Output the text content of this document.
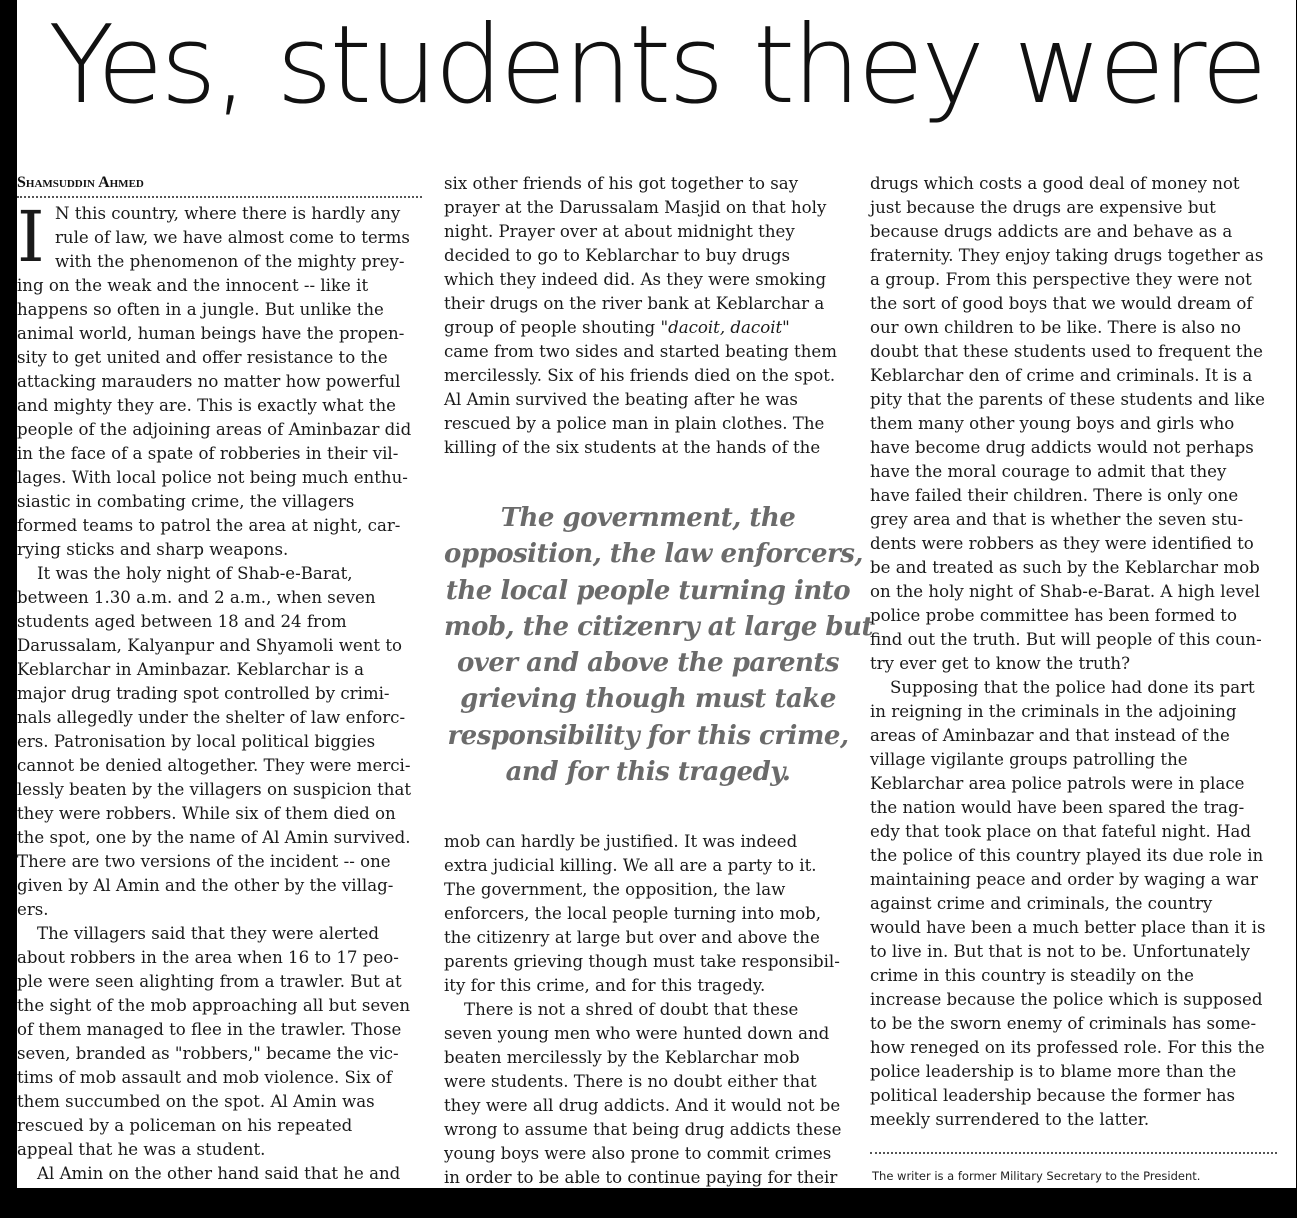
Yes, students they were
Shamsuddin Ahmed
I N this country, where there is hardly any
rule of law, we have almost come to terms
with the phenomenon of the mighty prey-
ing on the weak and the innocent -- like it
happens so often in a jungle. But unlike the
animal world, human beings have the propen-
sity to get united and offer resistance to the
attacking marauders no matter how powerful
and mighty they are. This is exactly what the
people of the adjoining areas of Aminbazar did
in the face of a spate of robberies in their vil-
lages. With local police not being much enthu-
siastic in combating crime, the villagers
formed teams to patrol the area at night, car-
rying sticks and sharp weapons.
It was the holy night of Shab-e-Barat,
between 1.30 a.m. and 2 a.m., when seven
students aged between 18 and 24 from
Darussalam, Kalyanpur and Shyamoli went to
Keblarchar in Aminbazar. Keblarchar is a
major drug trading spot controlled by crimi-
nals allegedly under the shelter of law enforc-
ers. Patronisation by local political biggies
cannot be denied altogether. They were merci-
lessly beaten by the villagers on suspicion that
they were robbers. While six of them died on
the spot, one by the name of Al Amin survived.
There are two versions of the incident -- one
given by Al Amin and the other by the villag-
ers.
The villagers said that they were alerted
about robbers in the area when 16 to 17 peo-
ple were seen alighting from a trawler. But at
the sight of the mob approaching all but seven
of them managed to flee in the trawler. Those
seven, branded as "robbers," became the vic-
tims of mob assault and mob violence. Six of
them succumbed on the spot. Al Amin was
rescued by a policeman on his repeated
appeal that he was a student.
Al Amin on the other hand said that he and
six other friends of his got together to say
prayer at the Darussalam Masjid on that holy
night. Prayer over at about midnight they
decided to go to Keblarchar to buy drugs
which they indeed did. As they were smoking
their drugs on the river bank at Keblarchar a
group of people shouting "dacoit, dacoit"
came from two sides and started beating them
mercilessly. Six of his friends died on the spot.
Al Amin survived the beating after he was
rescued by a police man in plain clothes. The
killing of the six students at the hands of the
The government, the
opposition, the law enforcers,
the local people turning into
mob, the citizenry at large but
over and above the parents
grieving though must take
responsibility for this crime,
and for this tragedy.
mob can hardly be justified. It was indeed
extra judicial killing. We all are a party to it.
The government, the opposition, the law
enforcers, the local people turning into mob,
the citizenry at large but over and above the
parents grieving though must take responsibil-
ity for this crime, and for this tragedy.
There is not a shred of doubt that these
seven young men who were hunted down and
beaten mercilessly by the Keblarchar mob
were students. There is no doubt either that
they were all drug addicts. And it would not be
wrong to assume that being drug addicts these
young boys were also prone to commit crimes
in order to be able to continue paying for their
drugs which costs a good deal of money not
just because the drugs are expensive but
because drugs addicts are and behave as a
fraternity. They enjoy taking drugs together as
a group. From this perspective they were not
the sort of good boys that we would dream of
our own children to be like. There is also no
doubt that these students used to frequent the
Keblarchar den of crime and criminals. It is a
pity that the parents of these students and like
them many other young boys and girls who
have become drug addicts would not perhaps
have the moral courage to admit that they
have failed their children. There is only one
grey area and that is whether the seven stu-
dents were robbers as they were identified to
be and treated as such by the Keblarchar mob
on the holy night of Shab-e-Barat. A high level
police probe committee has been formed to
find out the truth. But will people of this coun-
try ever get to know the truth?
Supposing that the police had done its part
in reigning in the criminals in the adjoining
areas of Aminbazar and that instead of the
village vigilante groups patrolling the
Keblarchar area police patrols were in place
the nation would have been spared the trag-
edy that took place on that fateful night. Had
the police of this country played its due role in
maintaining peace and order by waging a war
against crime and criminals, the country
would have been a much better place than it is
to live in. But that is not to be. Unfortunately
crime in this country is steadily on the
increase because the police which is supposed
to be the sworn enemy of criminals has some-
how reneged on its professed role. For this the
police leadership is to blame more than the
political leadership because the former has
meekly surrendered to the latter.
The writer is a former Military Secretary to the President.
